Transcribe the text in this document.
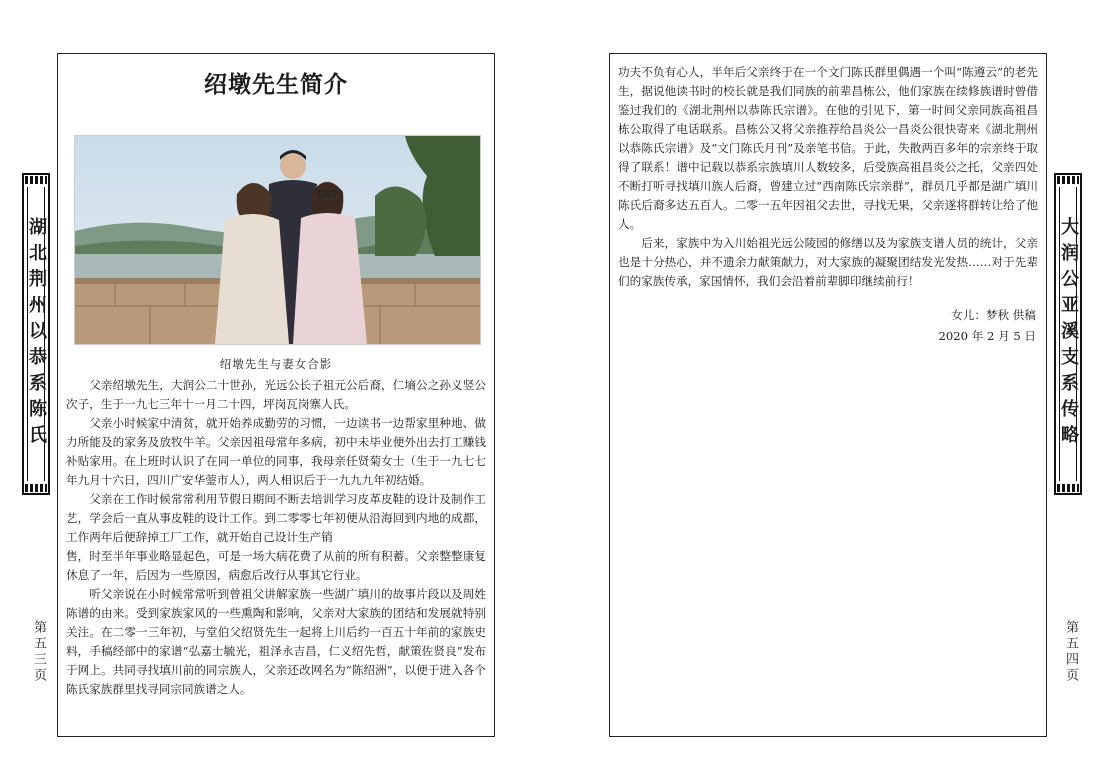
湖北荆州以恭系陈氏
第五三页
绍墩先生简介
绍墩先生与妻女合影

父亲绍墩先生，大润公二十世孙，光远公长子祖元公后裔，仁墒公之孙义竖公次子，生于一九七三年十一月二十四，坪岗瓦岗寨人氏。

父亲小时候家中清贫，就开始养成勤劳的习惯，一边读书一边帮家里种地、做力所能及的家务及放牧牛羊。父亲因祖母常年多病，初中未毕业便外出去打工赚钱补贴家用。在上班时认识了在同一单位的同事，我母亲任贤菊女士（生于一九七七年九月十六日，四川广安华蓥市人），两人相识后于一九九九年初结婚。

父亲在工作时候常常利用节假日期间不断去培训学习皮革皮鞋的设计及制作工艺，学会后一直从事皮鞋的设计工作。到二零零七年初便从沿海回到内地的成都，工作两年后便辞掉工厂工作，就开始自己设计生产销

售，时至半年事业略显起色，可是一场大病花费了从前的所有积蓄。父亲整整康复休息了一年，后因为一些原因，病愈后改行从事其它行业。

听父亲说在小时候常常听到曾祖父讲解家族一些湖广填川的故事片段以及周姓陈谱的由来。受到家族家风的一些熏陶和影响，父亲对大家族的团结和发展就特别关注。在二零一三年初，与堂伯父绍贤先生一起将上川后约一百五十年前的家族史料，手稿经部中的家谱“弘嘉士毓光，祖泽永吉昌，仁义绍先哲，献策佐贤良”发布于网上。共同寻找填川前的同宗族人，父亲还改网名为“陈绍洲”，以便于进入各个陈氏家族群里找寻同宗同族谱之人。

功夫不负有心人，半年后父亲终于在一个文门陈氏群里偶遇一个叫“陈遵云”的老先生，据说他读书时的校长就是我们同族的前辈昌栋公，他们家族在续修族谱时曾借鉴过我们的《湖北荆州以恭陈氏宗谱》。在他的引见下，第一时间父亲同族高祖昌栋公取得了电话联系。昌栋公又将父亲推荐给昌炎公一昌炎公很快寄来《湖北荆州以恭陈氏宗谱》及“文门陈氏月刊”及亲笔书信。于此，失散两百多年的宗亲终于取得了联系！谱中记载以恭系宗族填川人数较多，后受族高祖昌炎公之托，父亲四处不断打听寻找填川族人后裔，曾建立过“西南陈氏宗亲群”，群员几乎都是湖广填川陈氏后裔多达五百人。二零一五年因祖父去世，寻找无果，父亲遂将群转让给了他人。

后来，家族中为入川始祖光远公陵园的修缮以及为家族支谱人员的统计，父亲也是十分热心，并不遗余力献策献力，对大家族的凝聚团结发光发热……对于先辈们的家族传承，家国情怀，我们会沿着前辈脚印继续前行！

女儿：梦秋 供稿
2020 年 2 月 5 日 大润公亚溪支系传略
第五四页
